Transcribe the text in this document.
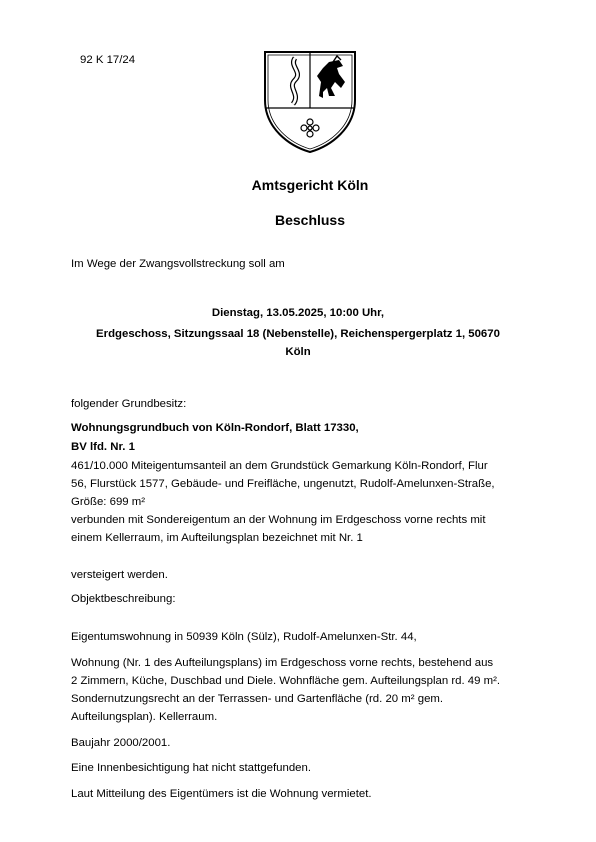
92 K 17/24
Amtsgericht Köln
Beschluss
Im Wege der Zwangsvollstreckung soll am
Dienstag, 13.05.2025, 10:00 Uhr,
Erdgeschoss, Sitzungssaal 18 (Nebenstelle), Reichenspergerplatz 1, 50670
Köln
folgender Grundbesitz:
Wohnungsgrundbuch von Köln-Rondorf, Blatt 17330,
BV lfd. Nr. 1
461/10.000 Miteigentumsanteil an dem Grundstück Gemarkung Köln-Rondorf, Flur
56, Flurstück 1577, Gebäude- und Freifläche, ungenutzt, Rudolf-Amelunxen-Straße,
Größe: 699 m²
verbunden mit Sondereigentum an der Wohnung im Erdgeschoss vorne rechts mit
einem Kellerraum, im Aufteilungsplan bezeichnet mit Nr. 1
versteigert werden.
Objektbeschreibung:
Eigentumswohnung in 50939 Köln (Sülz), Rudolf-Amelunxen-Str. 44,
Wohnung (Nr. 1 des Aufteilungsplans) im Erdgeschoss vorne rechts, bestehend aus
2 Zimmern, Küche, Duschbad und Diele. Wohnfläche gem. Aufteilungsplan rd. 49 m².
Sondernutzungsrecht an der Terrassen- und Gartenfläche (rd. 20 m² gem.
Aufteilungsplan). Kellerraum.
Baujahr 2000/2001.
Eine Innenbesichtigung hat nicht stattgefunden.
Laut Mitteilung des Eigentümers ist die Wohnung vermietet.
